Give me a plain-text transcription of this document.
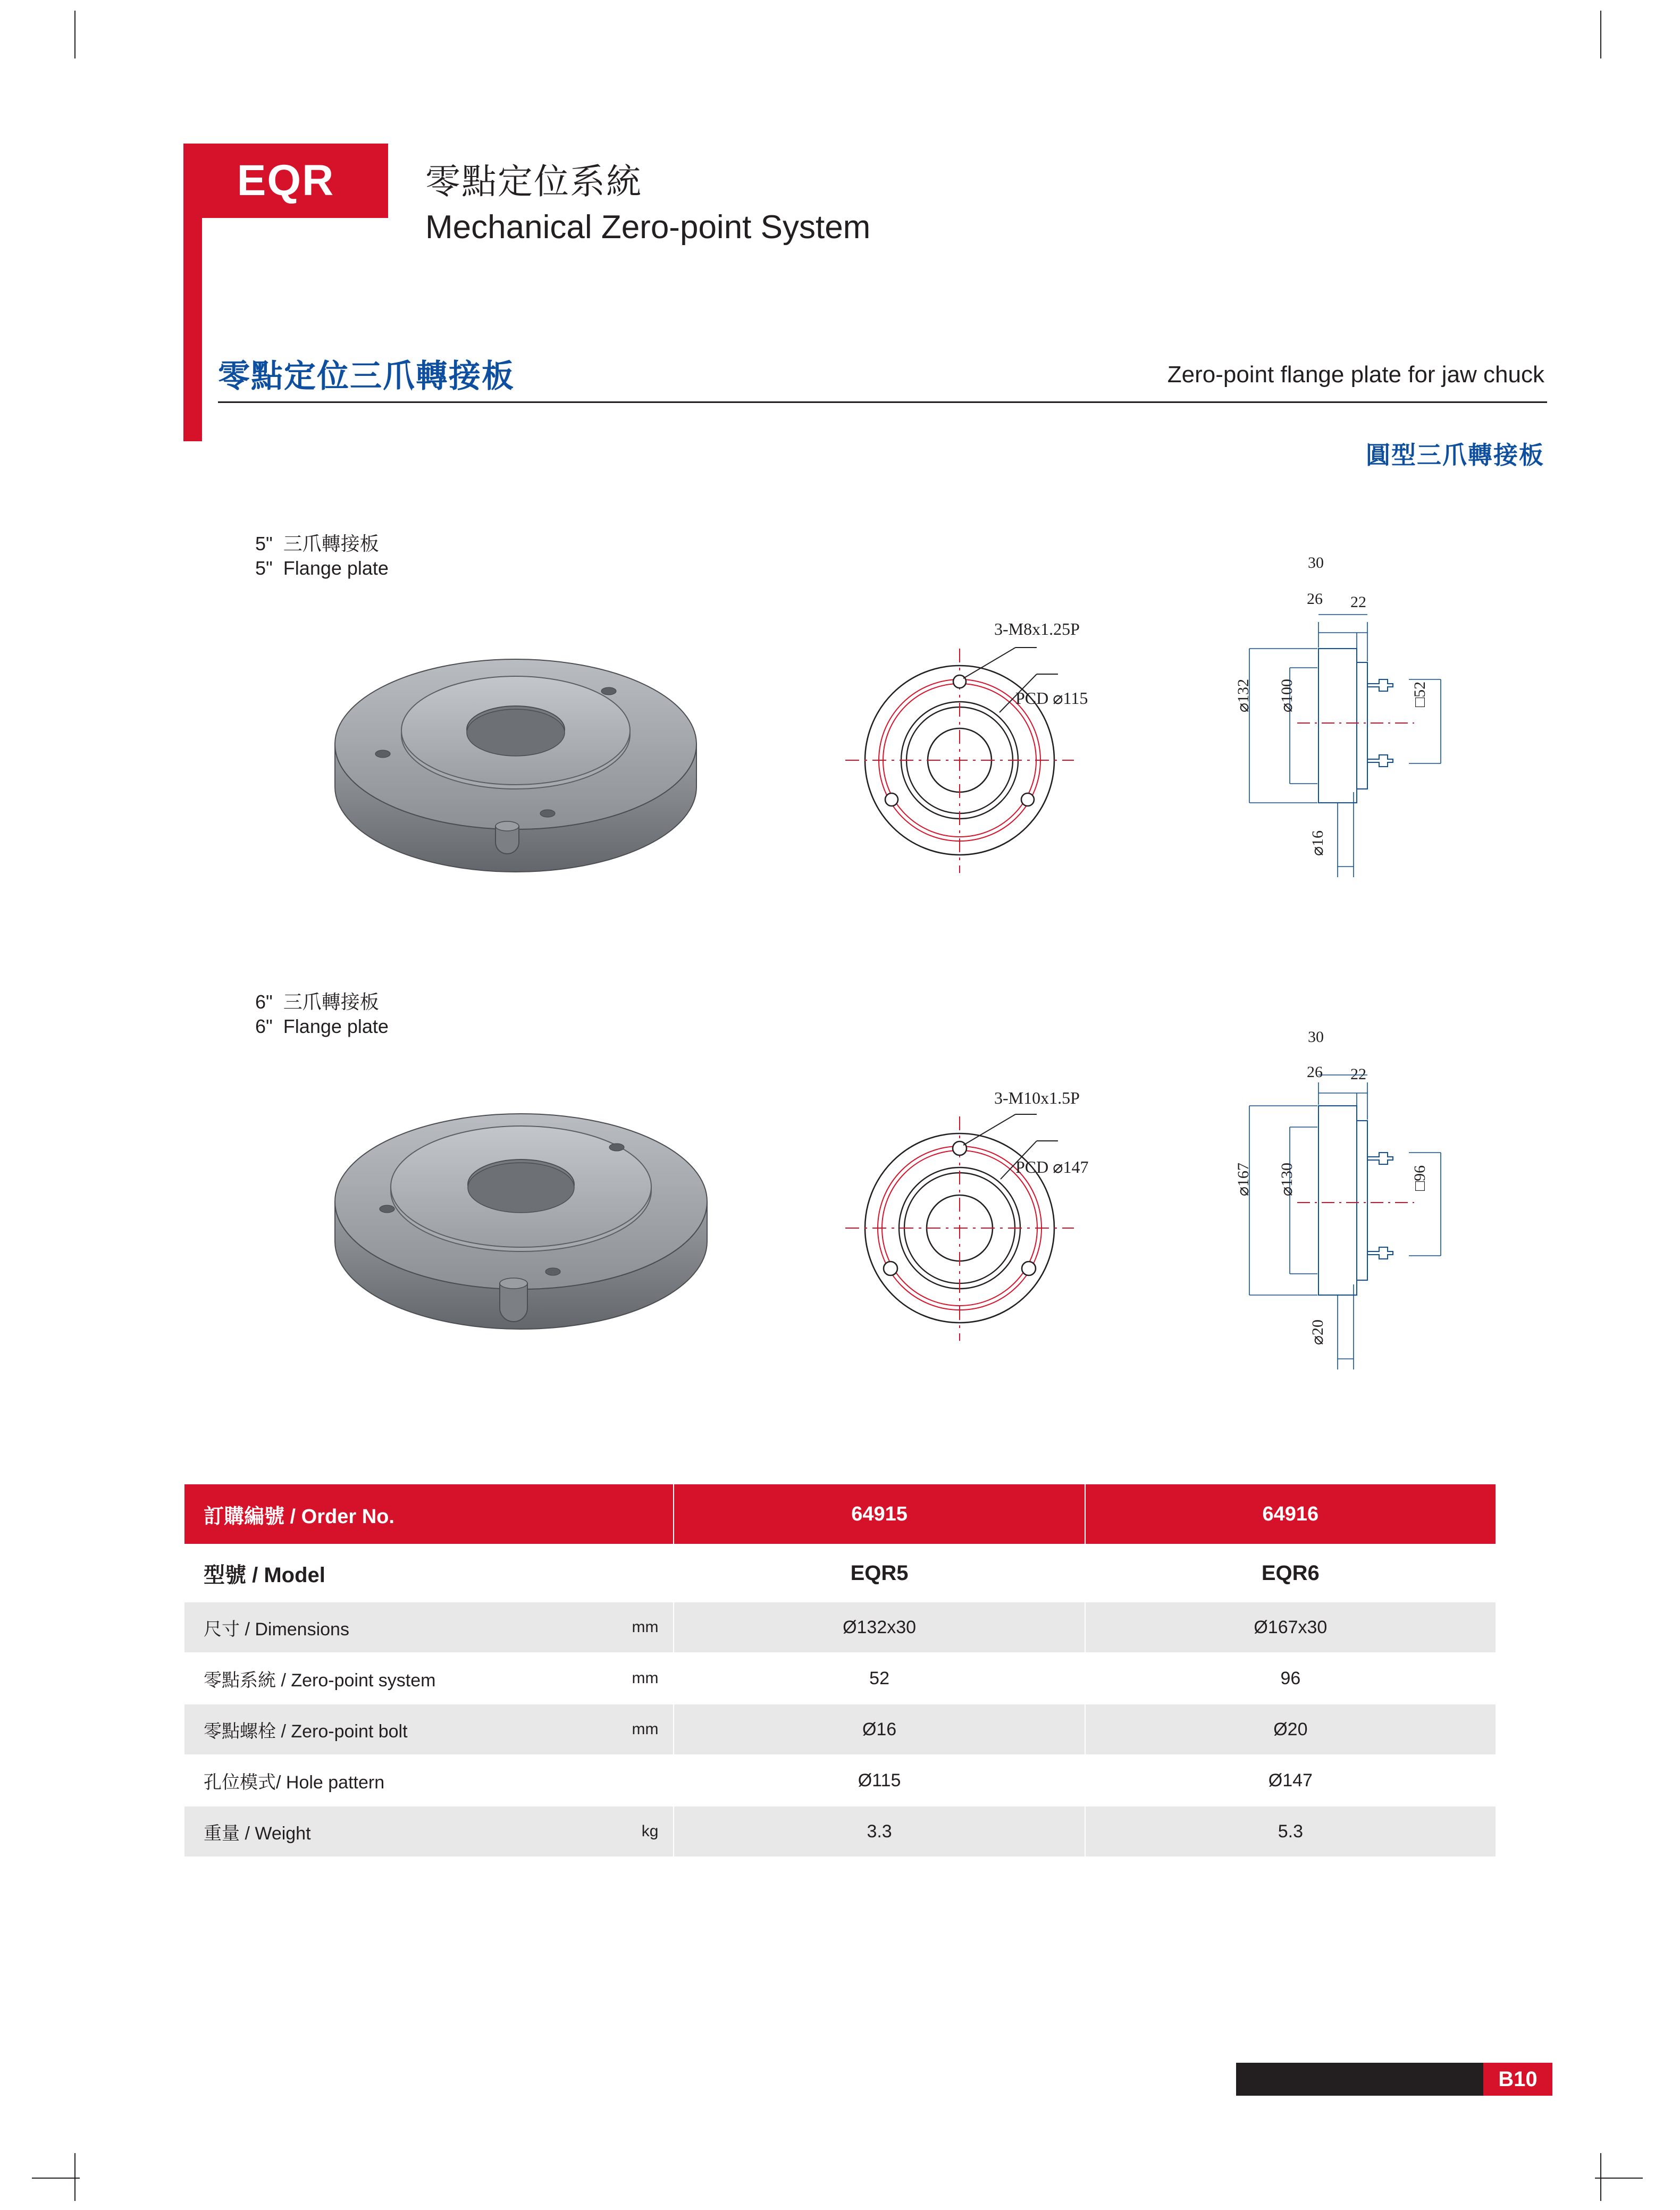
EQR	零點定位系統
Mechanical Zero-point System
零點定位三爪轉接板	Zero-point flange plate for jaw chuck
圓型三爪轉接板
5"  三爪轉接板
5"  Flange plate
3-M8x1.25P
PCD ⌀115
30
26 22
⌀132 ⌀100	□52
⌀16
6"  三爪轉接板
6"  Flange plate
3-M10x1.5P
PCD ⌀147
30
26 22
⌀167 ⌀130	□96
⌀20
訂購編號 / Order No.	64915	64916
型號 / Model	EQR5	EQR6
尺寸 / Dimensions mm	Ø132x30	Ø167x30
零點系統 / Zero-point system mm	52	96
零點螺栓 / Zero-point bolt mm	Ø16	Ø20
孔位模式/ Hole pattern	Ø115	Ø147
重量 / Weight kg	3.3	5.3
B10
